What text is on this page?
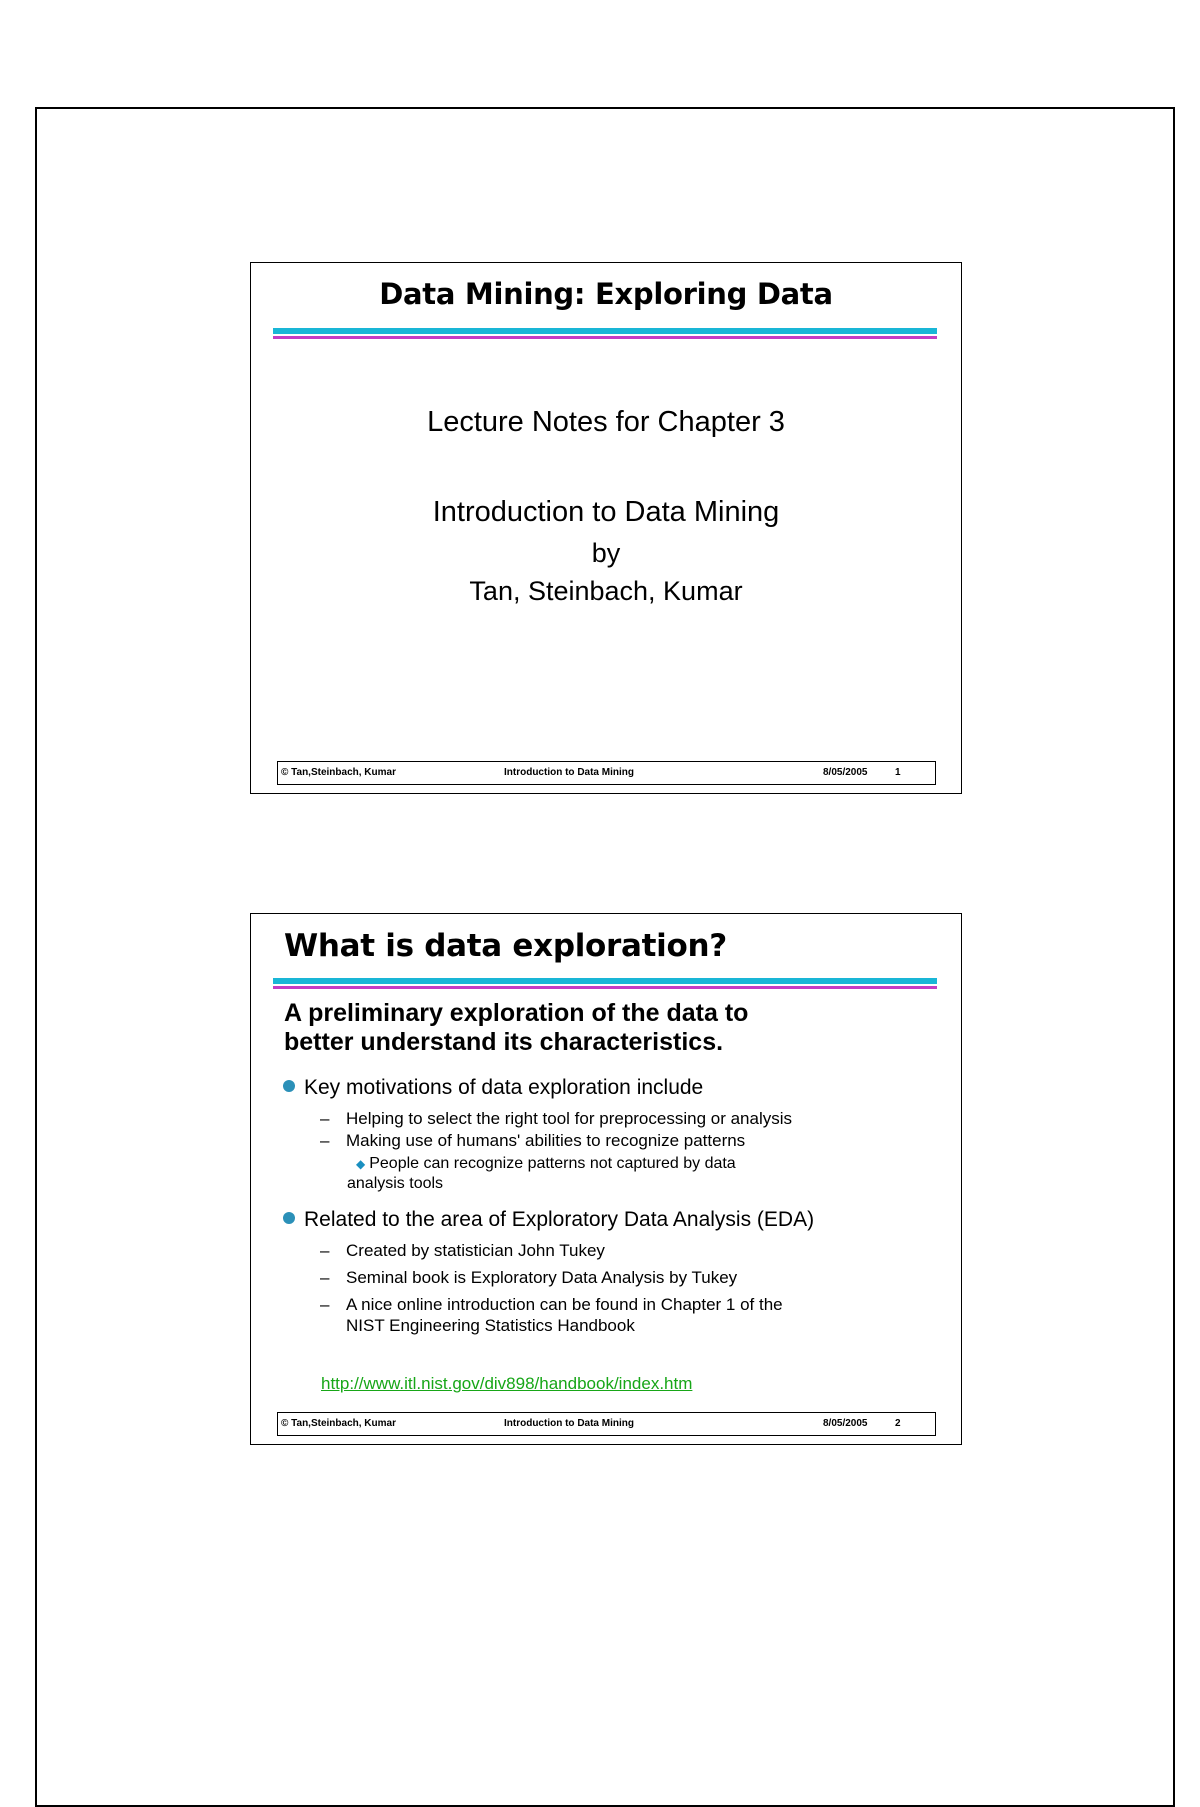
Data Mining: Exploring Data
Lecture Notes for Chapter 3
Introduction to Data Mining
by
Tan, Steinbach, Kumar
© Tan,Steinbach, Kumar	Introduction to Data Mining	8/05/2005	1
What is data exploration?
A preliminary exploration of the data to
better understand its characteristics.
Key motivations of data exploration include
– Helping to select the right tool for preprocessing or analysis
– Making use of humans' abilities to recognize patterns
◆ People can recognize patterns not captured by data
analysis tools
Related to the area of Exploratory Data Analysis (EDA)
– Created by statistician John Tukey
– Seminal book is Exploratory Data Analysis by Tukey
– A nice online introduction can be found in Chapter 1 of the
NIST Engineering Statistics Handbook
http://www.itl.nist.gov/div898/handbook/index.htm
© Tan,Steinbach, Kumar	Introduction to Data Mining	8/05/2005	2
